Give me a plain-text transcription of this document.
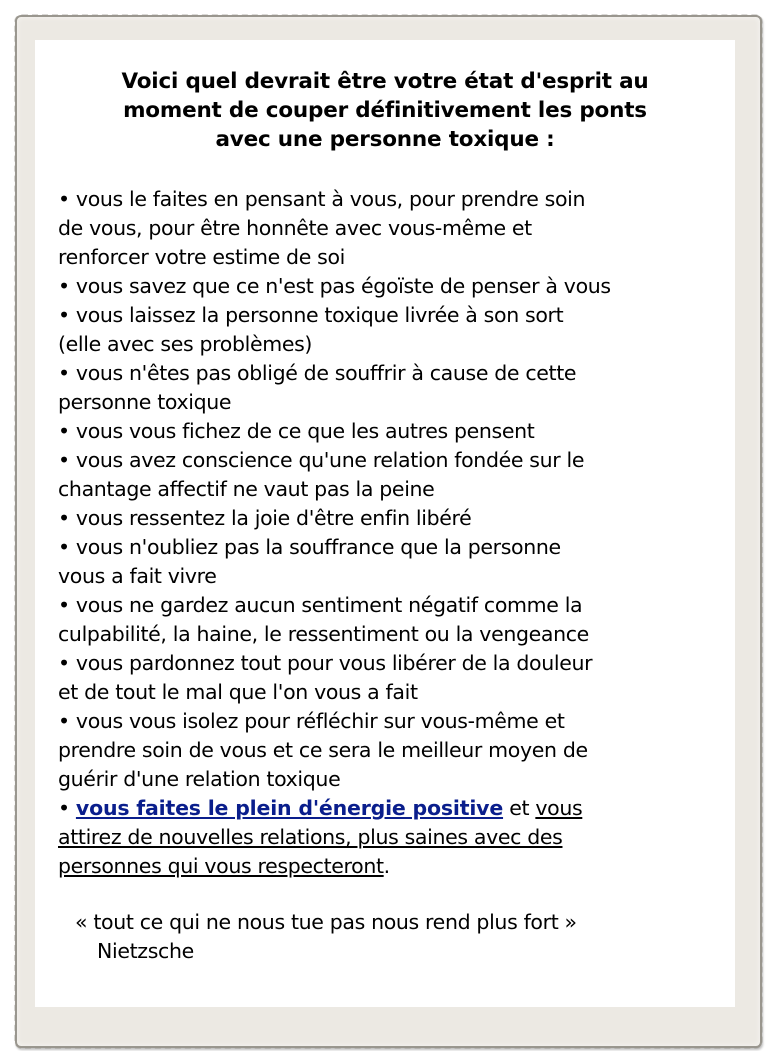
Voici quel devrait être votre état d'esprit au
moment de couper définitivement les ponts
avec une personne toxique :
• vous le faites en pensant à vous, pour prendre soin
de vous, pour être honnête avec vous-même et
renforcer votre estime de soi
• vous savez que ce n'est pas égoïste de penser à vous
• vous laissez la personne toxique livrée à son sort
(elle avec ses problèmes)
• vous n'êtes pas obligé de souffrir à cause de cette
personne toxique
• vous vous fichez de ce que les autres pensent
• vous avez conscience qu'une relation fondée sur le
chantage affectif ne vaut pas la peine
• vous ressentez la joie d'être enfin libéré
• vous n'oubliez pas la souffrance que la personne
vous a fait vivre
• vous ne gardez aucun sentiment négatif comme la
culpabilité, la haine, le ressentiment ou la vengeance
• vous pardonnez tout pour vous libérer de la douleur
et de tout le mal que l'on vous a fait
• vous vous isolez pour réfléchir sur vous-même et
prendre soin de vous et ce sera le meilleur moyen de
guérir d'une relation toxique
• vous faites le plein d'énergie positive et vous
attirez de nouvelles relations, plus saines avec des
personnes qui vous respecteront.
« tout ce qui ne nous tue pas nous rend plus fort »
Nietzsche
